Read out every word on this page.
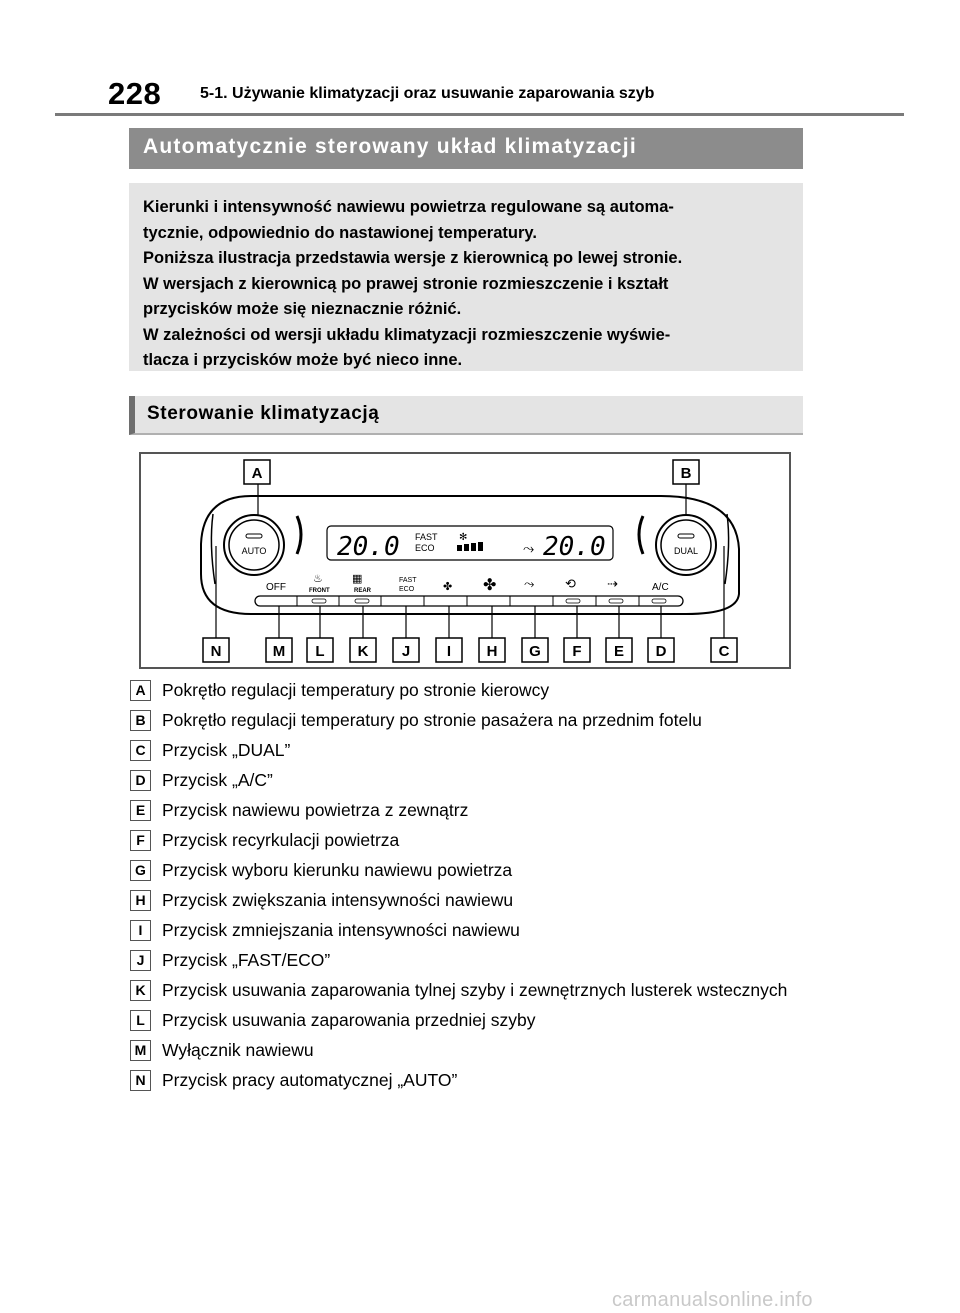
228 5-1. Używanie klimatyzacji oraz usuwanie zaparowania szyb
Automatycznie sterowany układ klimatyzacji
Kierunki i intensywność nawiewu powietrza regulowane są automa-
tycznie, odpowiednio do nastawionej temperatury.
Poniższa ilustracja przedstawia wersje z kierownicą po lewej stronie.
W wersjach z kierownicą po prawej stronie rozmieszczenie i kształt
przycisków może się nieznacznie różnić.
W zależności od wersji układu klimatyzacji rozmieszczenie wyświe-
tlacza i przycisków może być nieco inne.
Sterowanie klimatyzacją
AUTO	DUAL
20.0 FAST
ECO
✻
⤳ 20.0
OFF
♨
FRONT
▦
REAR
FAST
ECO	✤ ✤ ⤳ ⟲ ⇢	A/C
A	B
N	M L K J I H G F E D	C
A Pokrętło regulacji temperatury po stronie kierowcy
B Pokrętło regulacji temperatury po stronie pasażera na przednim fotelu
C Przycisk „DUAL”
D Przycisk „A/C”
E Przycisk nawiewu powietrza z zewnątrz
F Przycisk recyrkulacji powietrza
G Przycisk wyboru kierunku nawiewu powietrza
H Przycisk zwiększania intensywności nawiewu
I	Przycisk zmniejszania intensywności nawiewu
J	Przycisk „FAST/ECO”
K Przycisk usuwania zaparowania tylnej szyby i zewnętrznych lusterek wstecznych
L Przycisk usuwania zaparowania przedniej szyby
M Wyłącznik nawiewu
N Przycisk pracy automatycznej „AUTO”
carmanualsonline.info
